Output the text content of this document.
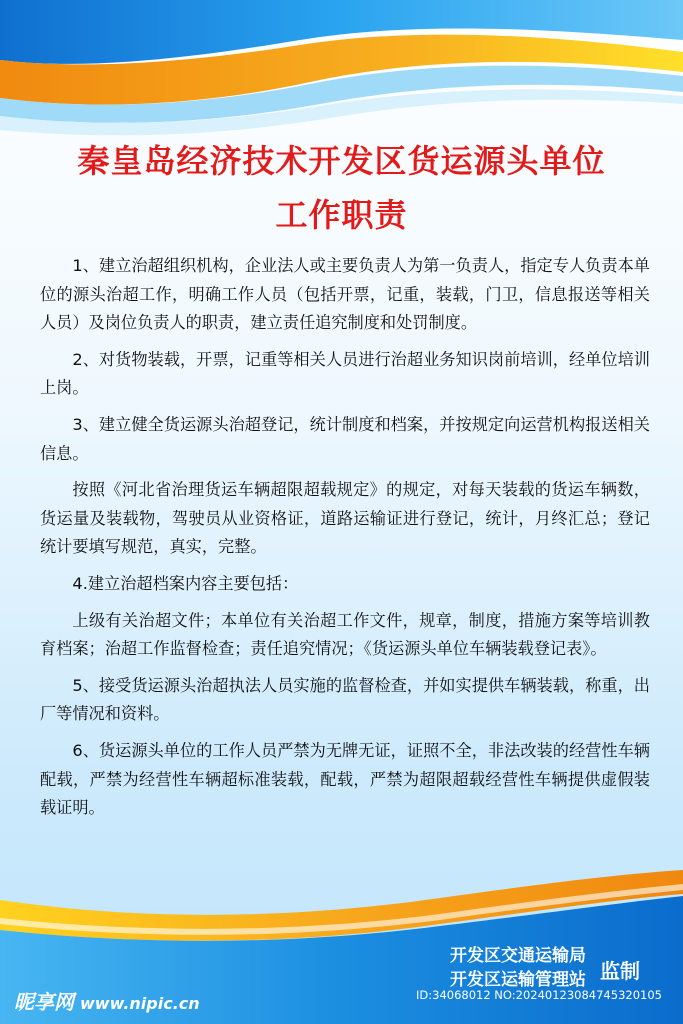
秦皇岛经济技术开发区货运源头单位
工作职责

1、建立治超组织机构，企业法人或主要负责人为第一负责人，指定专人负责本单位的源头治超工作，明确工作人员（包括开票，记重，装载，门卫，信息报送等相关人员）及岗位负责人的职责，建立责任追究制度和处罚制度。

2、对货物装载，开票，记重等相关人员进行治超业务知识岗前培训，经单位培训上岗。

3、建立健全货运源头治超登记，统计制度和档案，并按规定向运营机构报送相关信息。

按照《河北省治理货运车辆超限超载规定》的规定，对每天装载的货运车辆数，货运量及装载物，驾驶员从业资格证，道路运输证进行登记，统计，月终汇总；登记统计要填写规范，真实，完整。

4.建立治超档案内容主要包括：

上级有关治超文件；本单位有关治超工作文件，规章，制度，措施方案等培训教育档案；治超工作监督检查；责任追究情况；《货运源头单位车辆装载登记表》。

5、接受货运源头治超执法人员实施的监督检查，并如实提供车辆装载，称重，出厂等情况和资料。

6、货运源头单位的工作人员严禁为无牌无证，证照不全，非法改装的经营性车辆配载，严禁为经营性车辆超标准装载，配载，严禁为超限超载经营性车辆提供虚假装载证明。

开发区交通运输局
开发区运输管理站 监制
昵享网 www.nipic.cn	ID:34068012 NO:20240123084745320105
